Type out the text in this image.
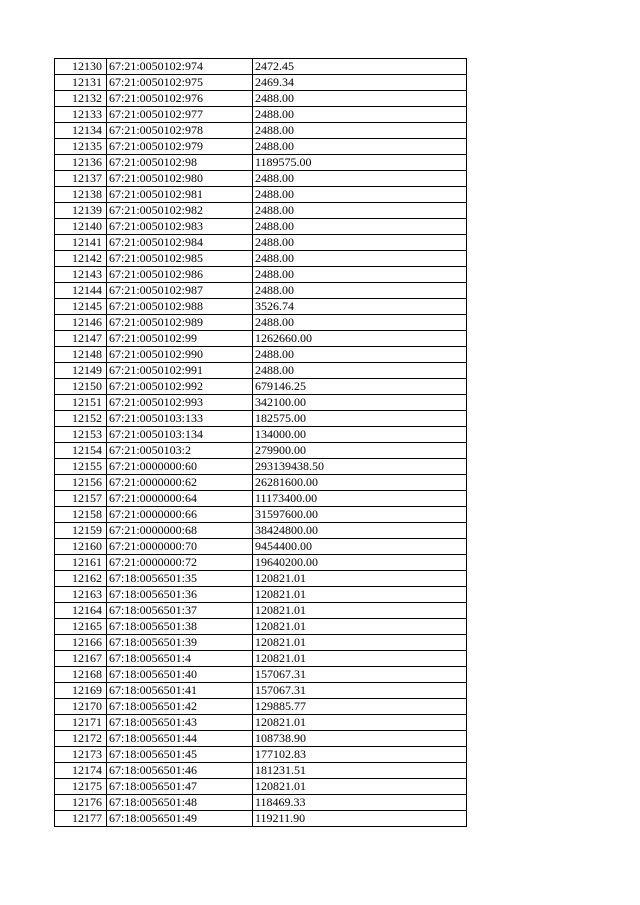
12130	67:21:0050102:974	2472.45
12131	67:21:0050102:975	2469.34
12132	67:21:0050102:976	2488.00
12133	67:21:0050102:977	2488.00
12134	67:21:0050102:978	2488.00
12135	67:21:0050102:979	2488.00
12136	67:21:0050102:98	1189575.00
12137	67:21:0050102:980	2488.00
12138	67:21:0050102:981	2488.00
12139	67:21:0050102:982	2488.00
12140	67:21:0050102:983	2488.00
12141	67:21:0050102:984	2488.00
12142	67:21:0050102:985	2488.00
12143	67:21:0050102:986	2488.00
12144	67:21:0050102:987	2488.00
12145	67:21:0050102:988	3526.74
12146	67:21:0050102:989	2488.00
12147	67:21:0050102:99	1262660.00
12148	67:21:0050102:990	2488.00
12149	67:21:0050102:991	2488.00
12150	67:21:0050102:992	679146.25
12151	67:21:0050102:993	342100.00
12152	67:21:0050103:133	182575.00
12153	67:21:0050103:134	134000.00
12154	67:21:0050103:2	279900.00
12155	67:21:0000000:60	293139438.50
12156	67:21:0000000:62	26281600.00
12157	67:21:0000000:64	11173400.00
12158	67:21:0000000:66	31597600.00
12159	67:21:0000000:68	38424800.00
12160	67:21:0000000:70	9454400.00
12161	67:21:0000000:72	19640200.00
12162	67:18:0056501:35	120821.01
12163	67:18:0056501:36	120821.01
12164	67:18:0056501:37	120821.01
12165	67:18:0056501:38	120821.01
12166	67:18:0056501:39	120821.01
12167	67:18:0056501:4	120821.01
12168	67:18:0056501:40	157067.31
12169	67:18:0056501:41	157067.31
12170	67:18:0056501:42	129885.77
12171	67:18:0056501:43	120821.01
12172	67:18:0056501:44	108738.90
12173	67:18:0056501:45	177102.83
12174	67:18:0056501:46	181231.51
12175	67:18:0056501:47	120821.01
12176	67:18:0056501:48	118469.33
12177	67:18:0056501:49	119211.90
